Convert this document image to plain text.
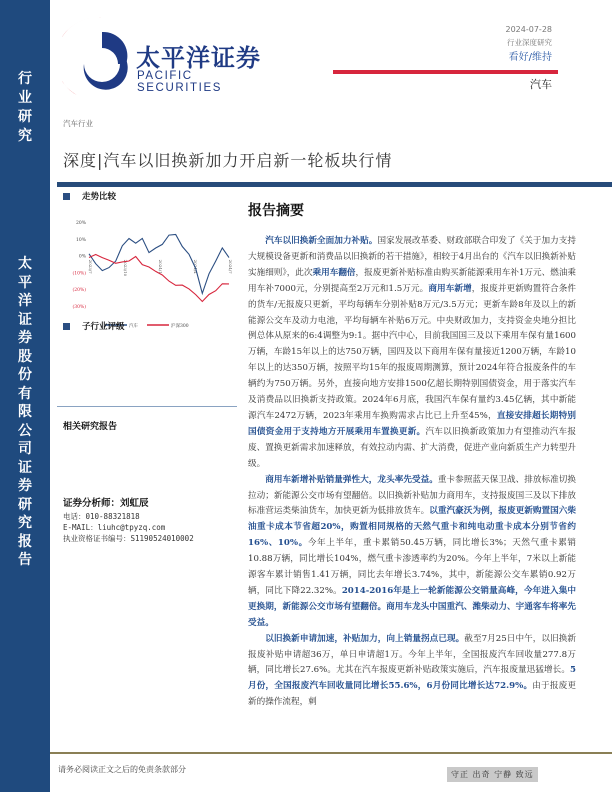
行业研究
太平洋证券股份有限公司证券研究报告
太平洋证券
PACIFIC SECURITIES
汽车行业
2024-07-28
行业深度研究
看好/维持
汽车
深度|汽车以旧换新加力开启新一轮板块行情
走势比较
20%
10%
0%
(10%)
(20%)
(30%)
2023/7	2023/10	2024/1	2024/4	2024/7
汽车	沪深300
子行业评级
相关研究报告
证券分析师：刘虹辰
电话：010-88321818
E-MAIL：liuhc@tpyzq.com
执业资格证书编号：S1190524010002
报告摘要

汽车以旧换新全面加力补贴。国家发展改革委、财政部联合印发了《关于加力支持大规模设备更新和消费品以旧换新的若干措施》，相较于4月出台的《汽车以旧换新补贴实施细则》，此次乘用车翻倍，报废更新补贴标准由购买新能源乘用车补1万元、燃油乘用车补7000元，分别提高至2万元和1.5万元。商用车新增，报废并更新购置符合条件的货车/无报废只更新，平均每辆车分别补贴8万元/3.5万元；更新车龄8年及以上的新能源公交车及动力电池，平均每辆车补贴6万元。中央财政加力，支持资金央地分担比例总体从原来的6:4调整为9:1。据中汽中心，目前我国国三及以下乘用车保有量1600万辆，车龄15年以上的达750万辆，国四及以下商用车保有量接近1200万辆，车龄10年以上的达350万辆，按照平均15年的报废周期测算，预计2024年符合报废条件的车辆约为750万辆。另外，直接向地方安排1500亿超长期特别国债资金，用于落实汽车及消费品以旧换新支持政策。2024年6月底，我国汽车保有量约3.45亿辆，其中新能源汽车2472万辆，2023年乘用车换购需求占比已上升至45%，直接安排超长期特别国债资金用于支持地方开展乘用车置换更新。汽车以旧换新政策加力有望推动汽车报废、置换更新需求加速释放，有效拉动内需、扩大消费，促进产业向新质生产力转型升级。

商用车新增补贴销量弹性大，龙头率先受益。重卡参照蓝天保卫战、排放标准切换拉动；新能源公交市场有望翻倍。以旧换新补贴加力商用车，支持报废国三及以下排放标准营运类柴油货车，加快更新为低排放货车。以重汽豪沃为例，报废更新购置国六柴油重卡成本节省超20%，购置相同规格的天然气重卡和纯电动重卡成本分别节省约16%、10%。今年上半年，重卡累销50.45万辆，同比增长3%；天然气重卡累销10.88万辆，同比增长104%，燃气重卡渗透率约为20%。今年上半年，7米以上新能源客车累计销售1.41万辆，同比去年增长3.74%，其中，新能源公交车累销0.92万辆，同比下降22.32%。2014-2016年是上一轮新能源公交销量高峰，今年进入集中更换期，新能源公交市场有望翻倍。商用车龙头中国重汽、潍柴动力、宇通客车将率先受益。

以旧换新申请加速，补贴加力，向上销量拐点已现。截至7月25日中午，以旧换新报废补贴申请超36万，单日申请超1万。今年上半年，全国报废汽车回收量277.8万辆，同比增长27.6%。尤其在汽车报废更新补贴政策实施后，汽车报废量迅猛增长。5月份，全国报废汽车回收量同比增长55.6%，6月份同比增长达72.9%。由于报废更新的操作流程，刺

请务必阅读正文之后的免责条款部分
守正 出奇 宁静 致远
